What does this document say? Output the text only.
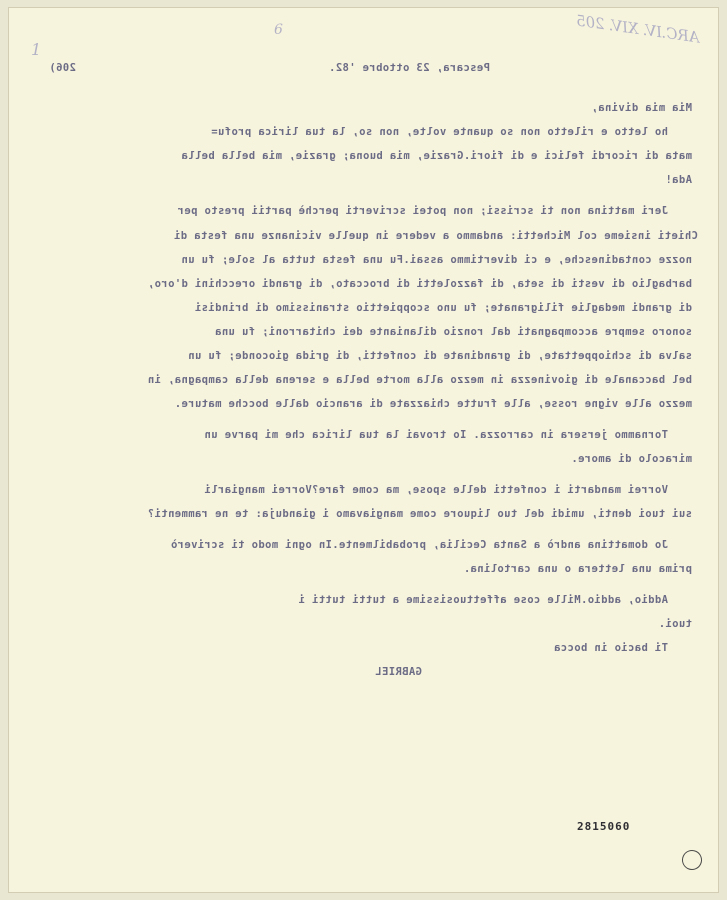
206)	Pescara, 23 ottobre '82.
Mia mia divina,
ho letto e riletto non so quante volte, non so, la tua lirica profu=
mata di ricordi felici e di fiori.Grazie, mia buona; grazie, mia bella bella
Ada!
Jeri mattina non ti scrissi; non potei scriverti perchè partii presto per
Chieti insieme col Michetti: andammo a vedere in quelle vicinanze una festa di
nozze contadinesche, e ci divertimmo assai.Fu una festa tutta al sole; fu un
barbaglio di vesti di seta, di fazzoletti di broccato, di grandi orecchini d'oro,
di grandi medaglie filigranate; fu uno scoppiettio stranissimo di brindisi
sonoro sempre accompagnati dal ronzio dilaniante dei chitarroni; fu una
salva di schioppettate, di grandinate di confetti, di grida gioconde; fu un
bel baccanale di giovinezza in mezzo alla morte bella e serena della campagna, in
mezzo alle vigne rosse, alle frutte chiazzate di arancio dalle bocche mature.
Tornammo jersera in carrozza. Io trovai la tua lirica che mi parve un
miracolo di amore.
Vorrei mandarti i confetti delle spose, ma come fare?Vorrei mangiarli
sui tuoi denti, umidi del tuo liquore come mangiavamo i gianduja: te ne rammenti?
Jo domattina andrò a Santa Cecilia, probabilmente.In ogni modo ti scriverò
prima una lettera o una cartolina.
Addio, addio.Mille cose affettuosissime a tutti tutti i
tuoi.
Ti bacio in bocca
GABRIEL
ARC.IV. XIV. 205
1
6
2815060
